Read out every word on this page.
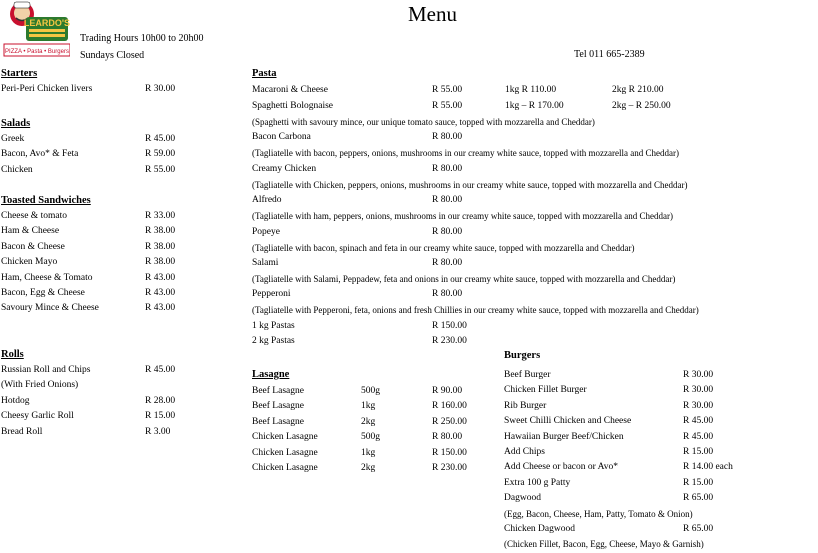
LEARDO'S
PIZZA • Pasta • Burgers
Menu
Trading Hours 10h00 to 20h00
Sundays Closed	Tel 011 665-2389
Starters
Peri-Peri Chicken livers	R 30.00
Salads
Greek	R 45.00
Bacon, Avo* & Feta	R 59.00
Chicken	R 55.00
Toasted Sandwiches
Cheese & tomato	R 33.00
Ham & Cheese	R 38.00
Bacon & Cheese	R 38.00
Chicken Mayo	R 38.00
Ham, Cheese & Tomato	R 43.00
Bacon, Egg & Cheese	R 43.00
Savoury Mince & Cheese	R 43.00
Rolls
Russian Roll and Chips	R 45.00
(With Fried Onions)
Hotdog	R 28.00
Cheesy Garlic Roll	R 15.00
Bread Roll	R 3.00
Pasta
Macaroni & Cheese	R 55.00	1kg R 110.00	2kg R 210.00
Spaghetti Bolognaise	R 55.00	1kg – R 170.00	2kg – R 250.00
(Spaghetti with savoury mince, our unique tomato sauce, topped with mozzarella and Cheddar)
Bacon Carbona	R 80.00
(Tagliatelle with bacon, peppers, onions, mushrooms in our creamy white sauce, topped with mozzarella and Cheddar)
Creamy Chicken	R 80.00
(Tagliatelle with Chicken, peppers, onions, mushrooms in our creamy white sauce, topped with mozzarella and Cheddar)
Alfredo	R 80.00
(Tagliatelle with ham, peppers, onions, mushrooms in our creamy white sauce, topped with mozzarella and Cheddar)
Popeye	R 80.00
(Tagliatelle with bacon, spinach and feta in our creamy white sauce, topped with mozzarella and Cheddar)
Salami	R 80.00
(Tagliatelle with Salami, Peppadew, feta and onions in our creamy white sauce, topped with mozzarella and Cheddar)
Pepperoni	R 80.00
(Tagliatelle with Pepperoni, feta, onions and fresh Chillies in our creamy white sauce, topped with mozzarella and Cheddar)
1 kg Pastas	R 150.00
2 kg Pastas	R 230.00
Lasagne
Beef Lasagne	500g	R 90.00
Beef Lasagne	1kg	R 160.00
Beef Lasagne	2kg	R 250.00
Chicken Lasagne	500g	R 80.00
Chicken Lasagne	1kg	R 150.00
Chicken Lasagne	2kg	R 230.00
Burgers
Beef Burger	R 30.00
Chicken Fillet Burger	R 30.00
Rib Burger	R 30.00
Sweet Chilli Chicken and Cheese	R 45.00
Hawaiian Burger Beef/Chicken	R 45.00
Add Chips	R 15.00
Add Cheese or bacon or Avo*	R 14.00 each
Extra 100 g Patty	R 15.00
Dagwood	R 65.00
(Egg, Bacon, Cheese, Ham, Patty, Tomato & Onion)
Chicken Dagwood	R 65.00
(Chicken Fillet, Bacon, Egg, Cheese, Mayo & Garnish)
